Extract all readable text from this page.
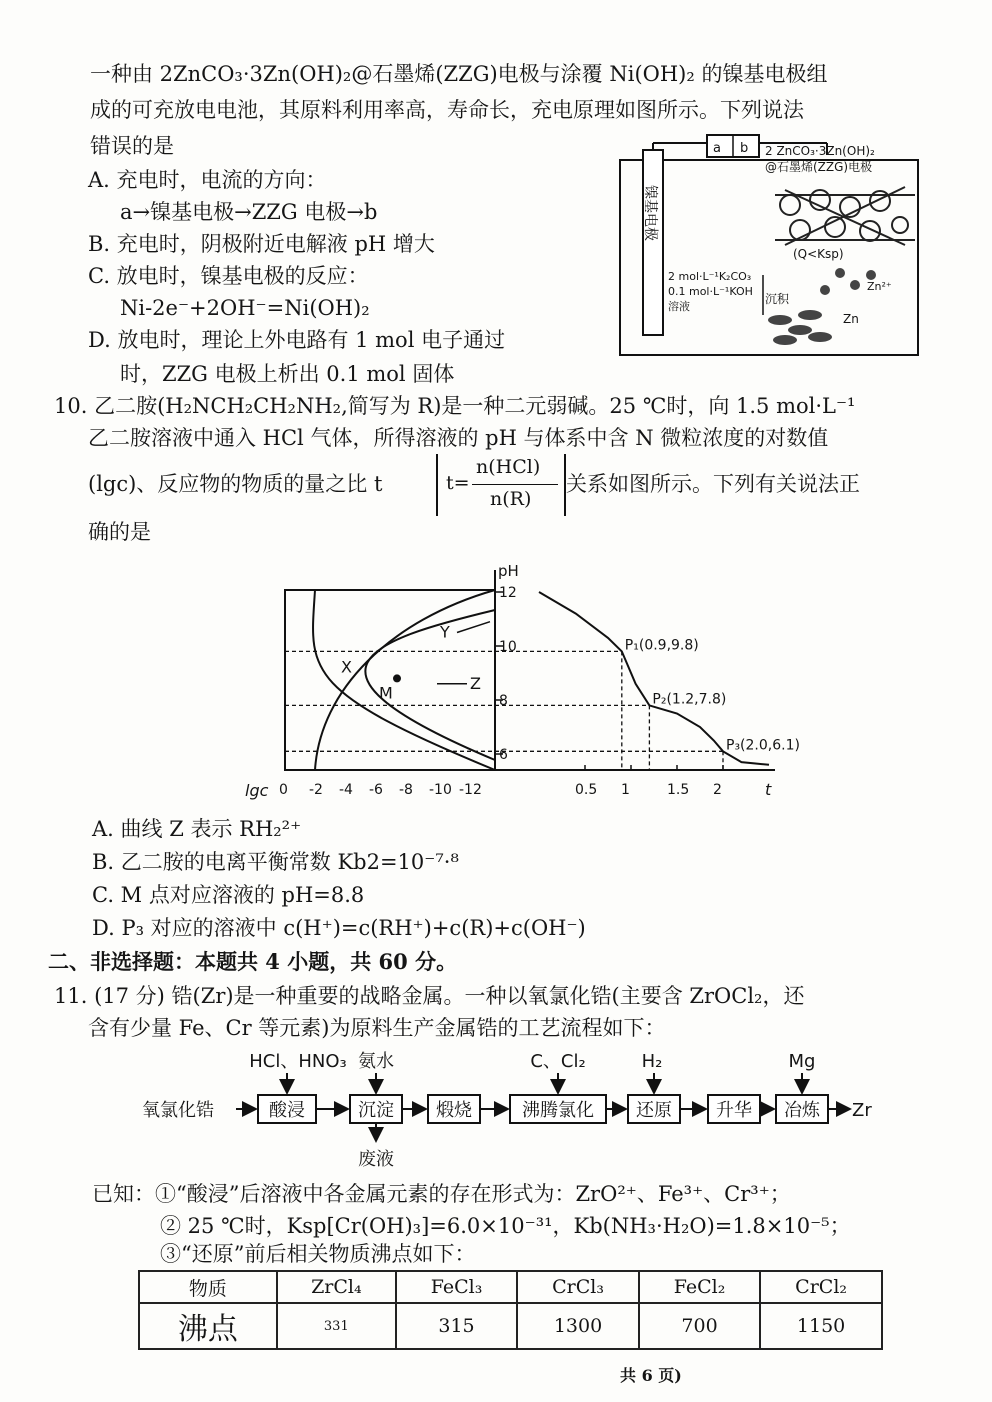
一种由 2ZnCO₃·3Zn(OH)₂@石墨烯(ZZG)电极与涂覆 Ni(OH)₂ 的镍基电极组
成的可充放电电池，其原料利用率高，寿命长，充电原理如图所示。下列说法
错误的是
A. 充电时，电流的方向：
a→镍基电极→ZZG 电极→b
B. 充电时，阴极附近电解液 pH 增大
C. 放电时，镍基电极的反应：
Ni-2e⁻+2OH⁻=Ni(OH)₂
D. 放电时，理论上外电路有 1 mol 电子通过
时，ZZG 电极上析出 0.1 mol 固体
a b
镍基电极
2 ZnCO₃·3Zn(OH)₂
@石墨烯(ZZG)电极
(Q<Ksp)
2 mol·L⁻¹K₂CO₃
0.1 mol·L⁻¹KOH
溶液
沉积
Zn²⁺
Zn
10. 乙二胺(H₂NCH₂CH₂NH₂,简写为 R)是一种二元弱碱。25 ℃时，向 1.5 mol·L⁻¹
乙二胺溶液中通入 HCl 气体，所得溶液的 pH 与体系中含 N 微粒浓度的对数值
(lgc)、反应物的物质的量之比 t	t=
n(HCl)
n(R)
关系如图所示。下列有关说法正
确的是
pH
t
lgc 0 -2 -4 -6 -8 -10 -12	0.5 1	1.5 2
12
10
8
6
P₁(0.9,9.8)
P₂(1.2,7.8)
P₃(2.0,6.1)
X
Y
Z
M
A. 曲线 Z 表示 RH₂²⁺
B. 乙二胺的电离平衡常数 Kb2=10⁻⁷·⁸
C. M 点对应溶液的 pH=8.8
D. P₃ 对应的溶液中 c(H⁺)=c(RH⁺)+c(R)+c(OH⁻)
二、非选择题：本题共 4 小题，共 60 分。
11. (17 分) 锆(Zr)是一种重要的战略金属。一种以氧氯化锆(主要含 ZrOCl₂，还
含有少量 Fe、Cr 等元素)为原料生产金属锆的工艺流程如下：
氧氯化锆	酸浸	沉淀 煅烧	沸腾氯化 还原 升华 冶炼 Zr
HCl、HNO₃ 氨水	C、Cl₂	H₂	Mg
废液
已知：①“酸浸”后溶液中各金属元素的存在形式为：ZrO²⁺、Fe³⁺、Cr³⁺；
② 25 ℃时，Ksp[Cr(OH)₃]=6.0×10⁻³¹，Kb(NH₃·H₂O)=1.8×10⁻⁵；
③“还原”前后相关物质沸点如下：
物质	ZrCl₄	FeCl₃	CrCl₃	FeCl₂	CrCl₂
沸点	331	315	1300	700	1150
共 6 页)
